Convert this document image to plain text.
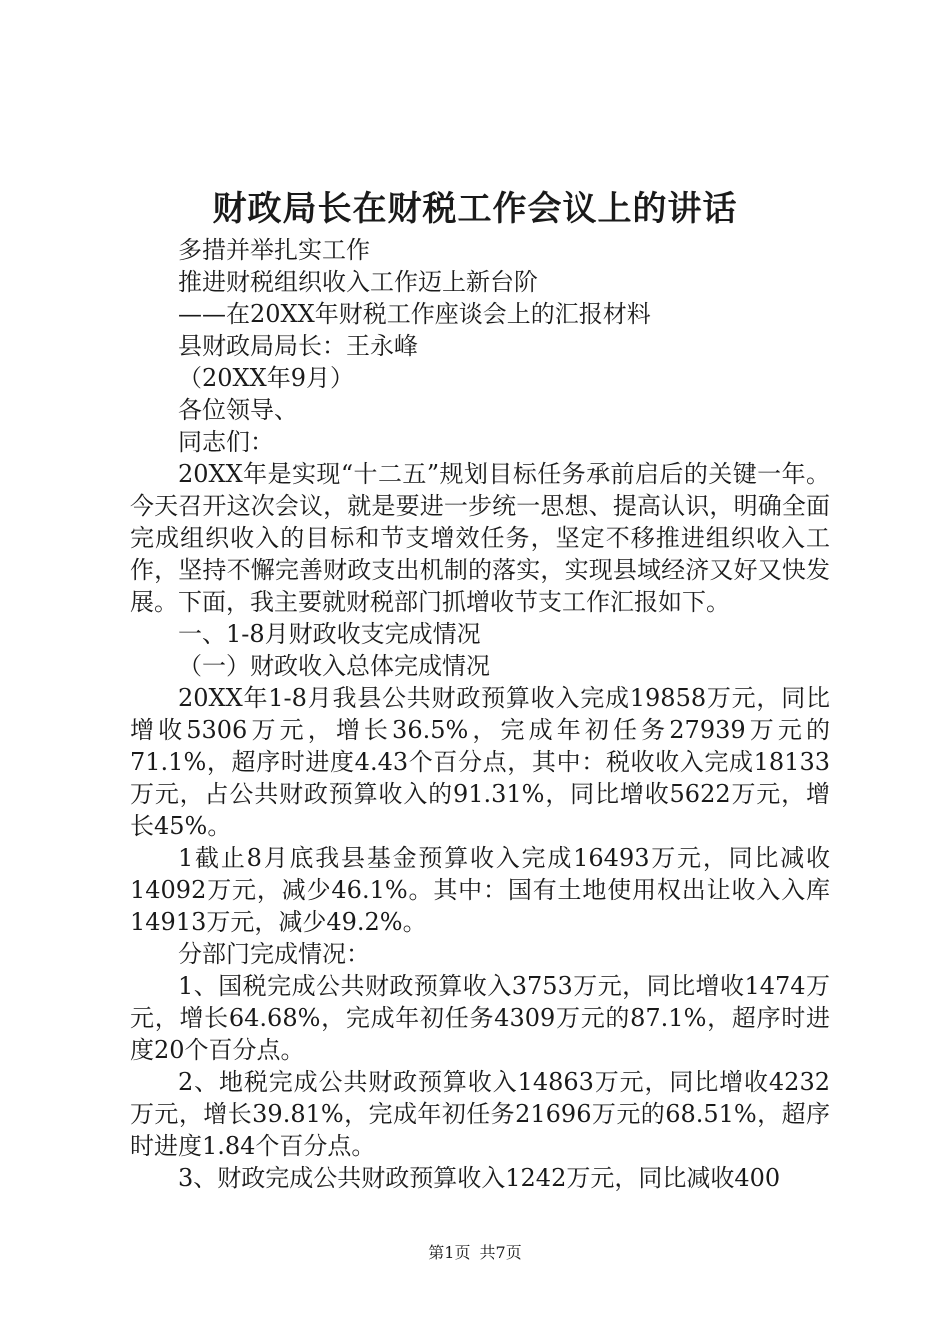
财政局长在财税工作会议上的讲话

多措并举扎实工作

推进财税组织收入工作迈上新台阶

——在20XX年财税工作座谈会上的汇报材料

县财政局局长：王永峰

（20XX年9月）

各位领导、

同志们：

20XX年是实现“十二五”规划目标任务承前启后的关键一年。今天召开这次会议，就是要进一步统一思想、提高认识，明确全面完成组织收入的目标和节支增效任务，坚定不移推进组织收入工作，坚持不懈完善财政支出机制的落实，实现县域经济又好又快发展。下面，我主要就财税部门抓增收节支工作汇报如下。

一、1-8月财政收支完成情况

（一）财政收入总体完成情况

20XX年1-8月我县公共财政预算收入完成19858万元，同比增收5306万元，增长36.5%，完成年初任务27939万元的71.1%，超序时进度4.43个百分点，其中：税收收入完成18133万元，占公共财政预算收入的91.31%，同比增收5622万元，增长45%。

1截止8月底我县基金预算收入完成16493万元，同比减收14092万元，减少46.1%。其中：国有土地使用权出让收入入库14913万元，减少49.2%。

分部门完成情况：

1、国税完成公共财政预算收入3753万元，同比增收1474万元，增长64.68%，完成年初任务4309万元的87.1%，超序时进度20个百分点。

2、地税完成公共财政预算收入14863万元，同比增收4232万元，增长39.81%，完成年初任务21696万元的68.51%，超序时进度1.84个百分点。

3、财政完成公共财政预算收入1242万元，同比减收400

第1页 共7页
